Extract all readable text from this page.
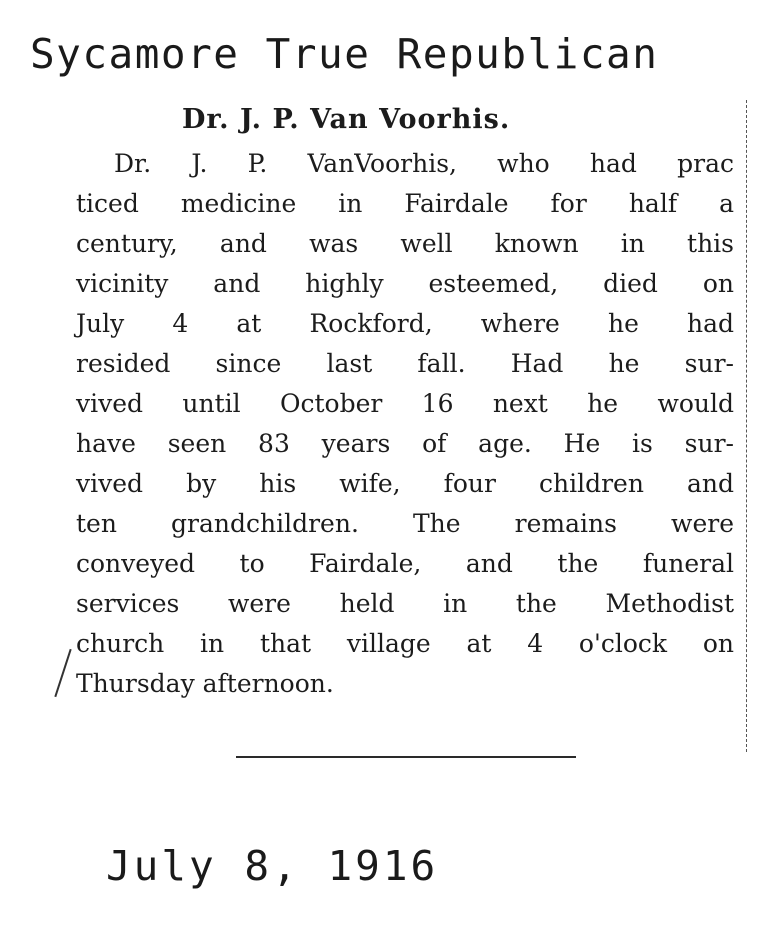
Sycamore True Republican
Dr. J. P. Van Voorhis.
Dr. J. P. VanVoorhis, who had prac
ticed medicine in Fairdale for half a
century, and was well known in this
vicinity and highly esteemed, died on
July 4 at Rockford, where he had
resided since last fall. Had he sur-
vived until October 16 next he would
have seen 83 years of age. He is sur-
vived by his wife, four children and
ten grandchildren. The remains were
conveyed to Fairdale, and the funeral
services were held in the Methodist
church in that village at 4 o'clock on
Thursday afternoon.
July 8, 1916
